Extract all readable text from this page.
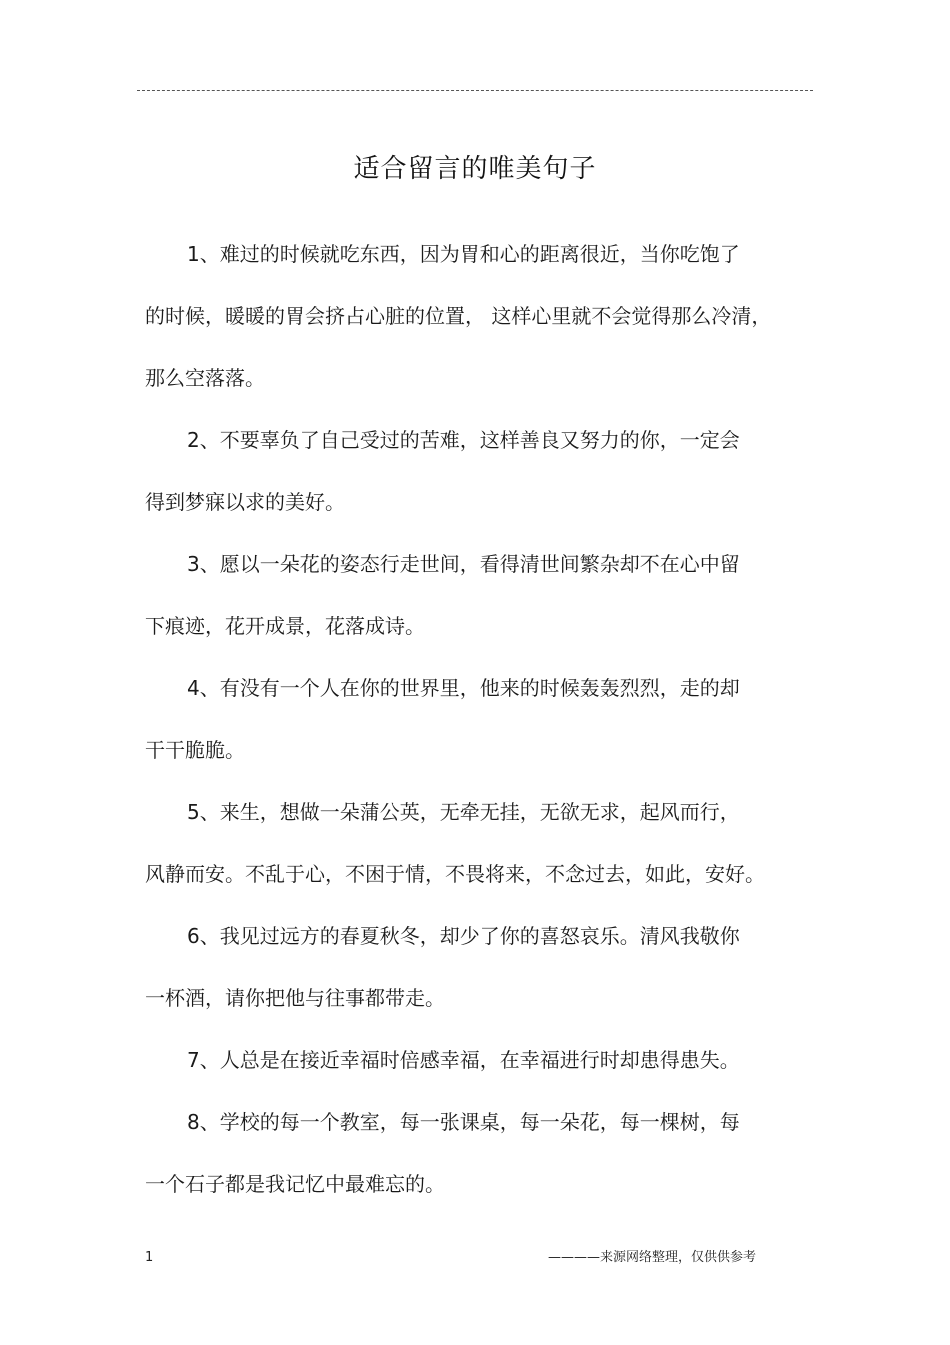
适合留言的唯美句子
1、难过的时候就吃东西，因为胃和心的距离很近，当你吃饱了
的时候，暖暖的胃会挤占心脏的位置， 这样心里就不会觉得那么冷清，
那么空落落。
2、不要辜负了自己受过的苦难，这样善良又努力的你，一定会
得到梦寐以求的美好。
3、愿以一朵花的姿态行走世间，看得清世间繁杂却不在心中留
下痕迹，花开成景，花落成诗。
4、有没有一个人在你的世界里，他来的时候轰轰烈烈，走的却
干干脆脆。
5、来生，想做一朵蒲公英，无牵无挂，无欲无求，起风而行，
风静而安。不乱于心，不困于情，不畏将来，不念过去，如此，安好。
6、我见过远方的春夏秋冬，却少了你的喜怒哀乐。清风我敬你
一杯酒，请你把他与往事都带走。
7、人总是在接近幸福时倍感幸福，在幸福进行时却患得患失。
8、学校的每一个教室，每一张课桌，每一朵花，每一棵树，每
一个石子都是我记忆中最难忘的。
1	————来源网络整理，仅供供参考
